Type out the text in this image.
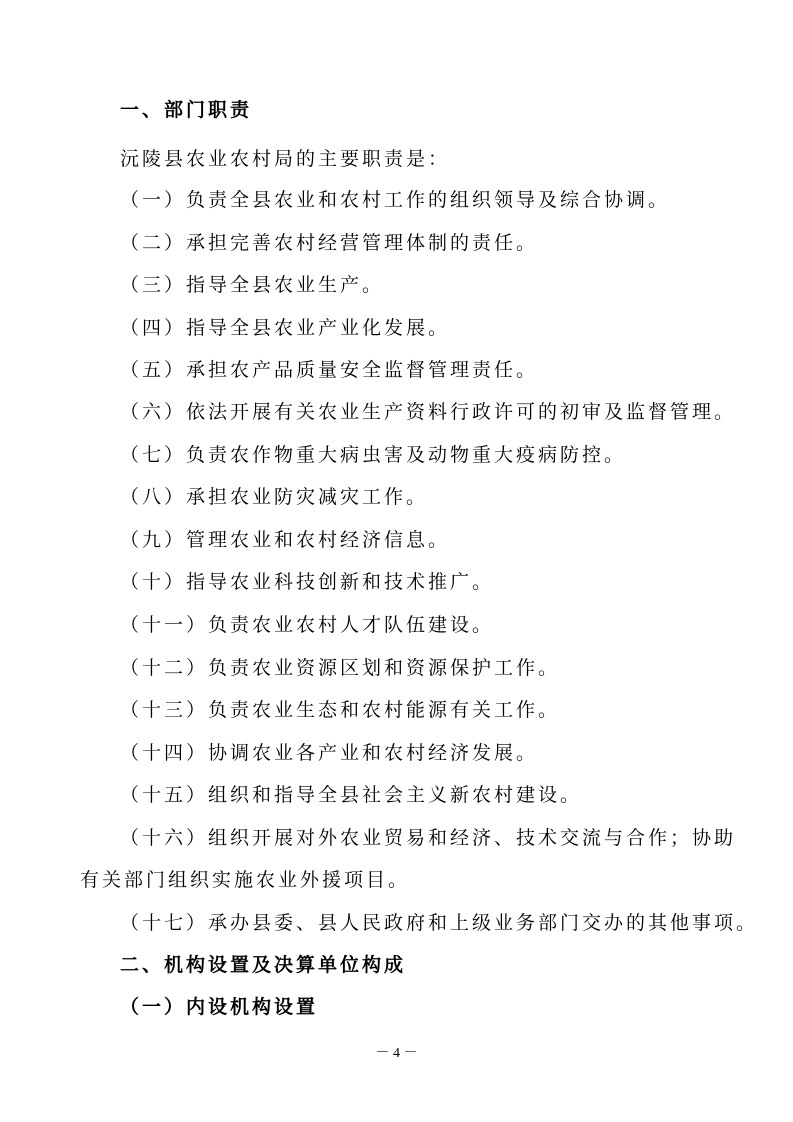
一、部门职责
沅陵县农业农村局的主要职责是：
（一）负责全县农业和农村工作的组织领导及综合协调。
（二）承担完善农村经营管理体制的责任。
（三）指导全县农业生产。
（四）指导全县农业产业化发展。
（五）承担农产品质量安全监督管理责任。
（六）依法开展有关农业生产资料行政许可的初审及监督管理。
（七）负责农作物重大病虫害及动物重大疫病防控。
（八）承担农业防灾减灾工作。
（九）管理农业和农村经济信息。
（十）指导农业科技创新和技术推广。
（十一）负责农业农村人才队伍建设。
（十二）负责农业资源区划和资源保护工作。
（十三）负责农业生态和农村能源有关工作。
（十四）协调农业各产业和农村经济发展。
（十五）组织和指导全县社会主义新农村建设。
（十六）组织开展对外农业贸易和经济、技术交流与合作；协助
有关部门组织实施农业外援项目。
（十七）承办县委、县人民政府和上级业务部门交办的其他事项。
二、机构设置及决算单位构成
（一）内设机构设置
－ 4 －
